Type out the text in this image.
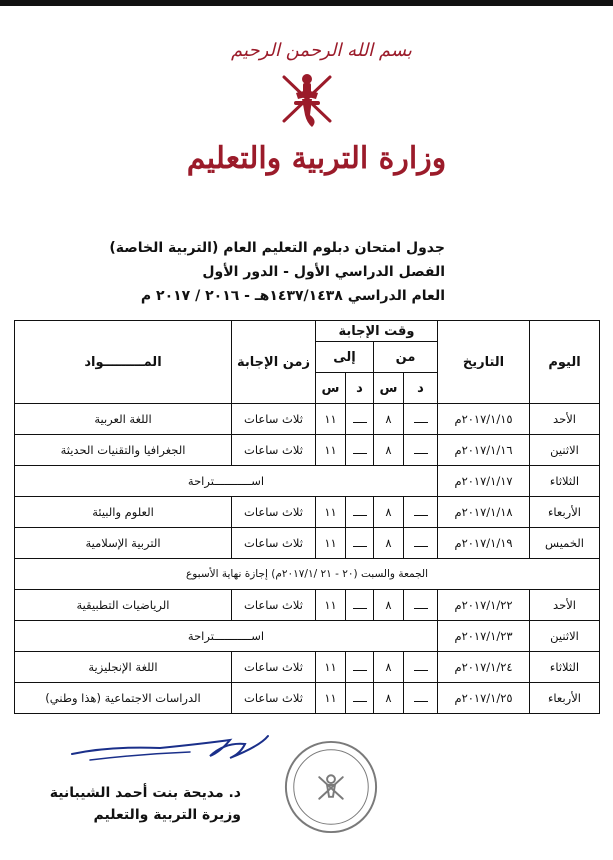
بسم الله الرحمن الرحيم
وزارة التربية والتعليم
جدول امتحان دبلوم التعليم العام (التربية الخاصة)
الفصل الدراسي الأول - الدور الأول
العام الدراسي ١٤٣٧/١٤٣٨هـ - ٢٠١٦ / ٢٠١٧ م
اليوم	التاريخ	وقت الإجابة				زمن الإجابة	المـــــــــواد
		من		إلى			
		د	س	د	س		
الأحد	٢٠١٧/١/١٥م		٨		١١	ثلاث ساعات	اللغة العربية
الاثنين	٢٠١٧/١/١٦م		٨		١١	ثلاث ساعات	الجغرافيا والتقنيات الحديثة
الثلاثاء	٢٠١٧/١/١٧م	اســـــــــــتراحة					
الأربعاء	٢٠١٧/١/١٨م		٨		١١	ثلاث ساعات	العلوم والبيئة
الخميس	٢٠١٧/١/١٩م		٨		١١	ثلاث ساعات	التربية الإسلامية
الجمعة والسبت (٢٠ - ٢١ /٢٠١٧/١م) إجازة نهاية الأسبوع							
الأحد	٢٠١٧/١/٢٢م		٨		١١	ثلاث ساعات	الرياضيات التطبيقية
الاثنين	٢٠١٧/١/٢٣م	اســـــــــــتراحة					
الثلاثاء	٢٠١٧/١/٢٤م		٨		١١	ثلاث ساعات	اللغة الإنجليزية
الأربعاء	٢٠١٧/١/٢٥م		٨		١١	ثلاث ساعات	الدراسات الاجتماعية (هذا وطني)
د. مديحة بنت أحمد الشيبانية
وزيرة التربية والتعليم
